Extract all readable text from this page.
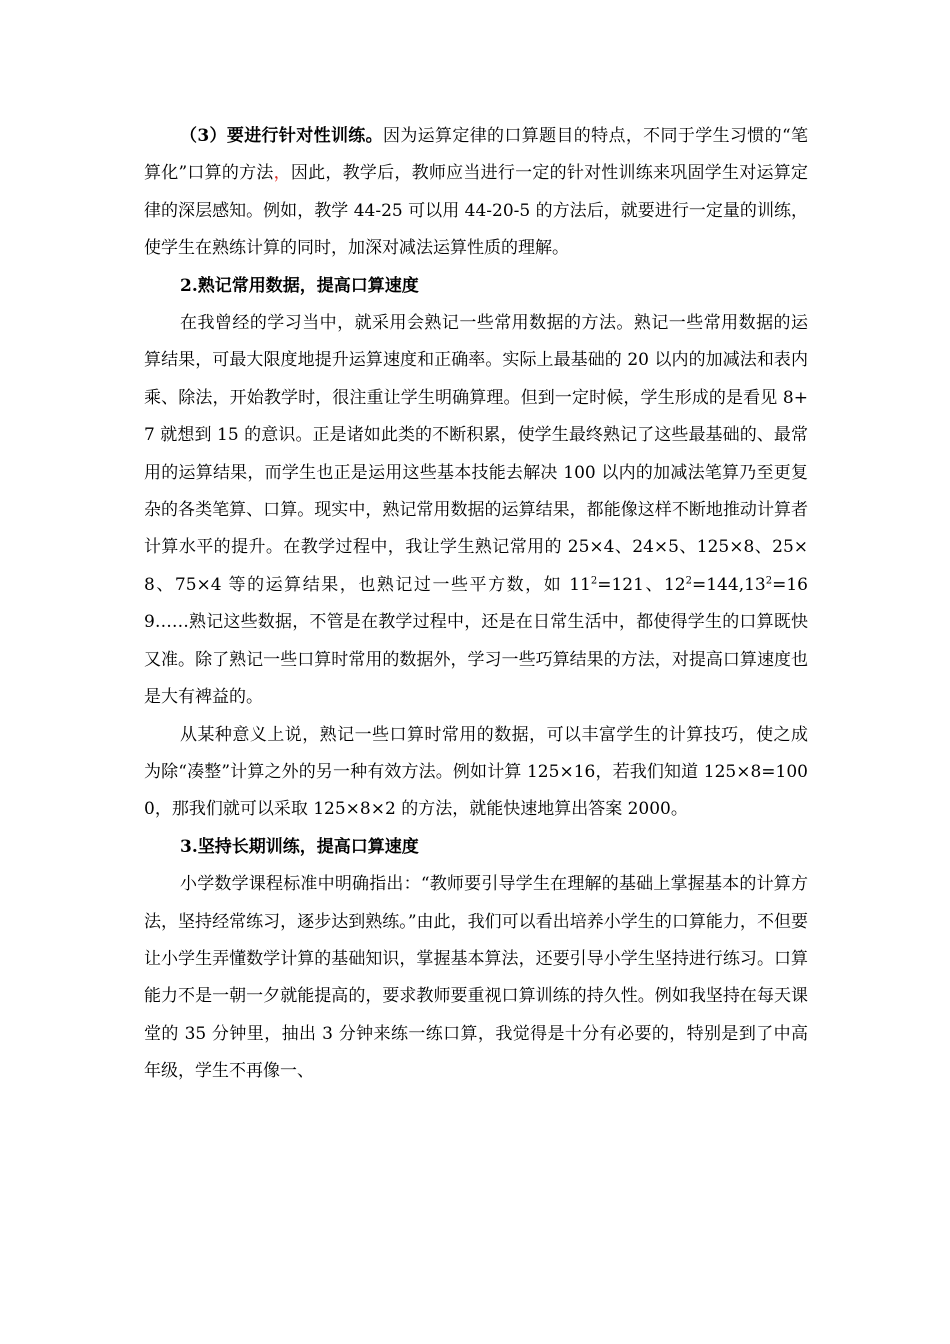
（3）要进行针对性训练。因为运算定律的口算题目的特点，不同于学生习惯的“笔算化”口算的方法，因此，教学后，教师应当进行一定的针对性训练来巩固学生对运算定律的深层感知。例如，教学 44-25 可以用 44-20-5 的方法后，就要进行一定量的训练，使学生在熟练计算的同时，加深对减法运算性质的理解。

2.熟记常用数据，提高口算速度

在我曾经的学习当中，就采用会熟记一些常用数据的方法。熟记一些常用数据的运算结果，可最大限度地提升运算速度和正确率。实际上最基础的 20 以内的加减法和表内乘、除法，开始教学时，很注重让学生明确算理。但到一定时候，学生形成的是看见 8+7 就想到 15 的意识。正是诸如此类的不断积累，使学生最终熟记了这些最基础的、最常用的运算结果，而学生也正是运用这些基本技能去解决 100 以内的加减法笔算乃至更复杂的各类笔算、口算。现实中，熟记常用数据的运算结果，都能像这样不断地推动计算者计算水平的提升。在教学过程中，我让学生熟记常用的 25×4、24×5、125×8、25×8、75×4 等的运算结果，也熟记过一些平方数，如 $11^2=121$、$12^2=144,13^2=169\dots\dots$熟记这些数据，不管是在教学过程中，还是在日常生活中，都使得学生的口算既快又准。除了熟记一些口算时常用的数据外，学习一些巧算结果的方法，对提高口算速度也是大有裨益的。

从某种意义上说，熟记一些口算时常用的数据，可以丰富学生的计算技巧，使之成为除“凑整”计算之外的另一种有效方法。例如计算 125×16，若我们知道 125×8=1000，那我们就可以采取 125×8×2 的方法，就能快速地算出答案 2000。

3.坚持长期训练，提高口算速度

小学数学课程标准中明确指出：“教师要引导学生在理解的基础上掌握基本的计算方法，坚持经常练习，逐步达到熟练。”由此，我们可以看出培养小学生的口算能力，不但要让小学生弄懂数学计算的基础知识，掌握基本算法，还要引导小学生坚持进行练习。口算能力不是一朝一夕就能提高的，要求教师要重视口算训练的持久性。例如我坚持在每天课堂的 35 分钟里，抽出 3 分钟来练一练口算，我觉得是十分有必要的，特别是到了中高年级，学生不再像一、
